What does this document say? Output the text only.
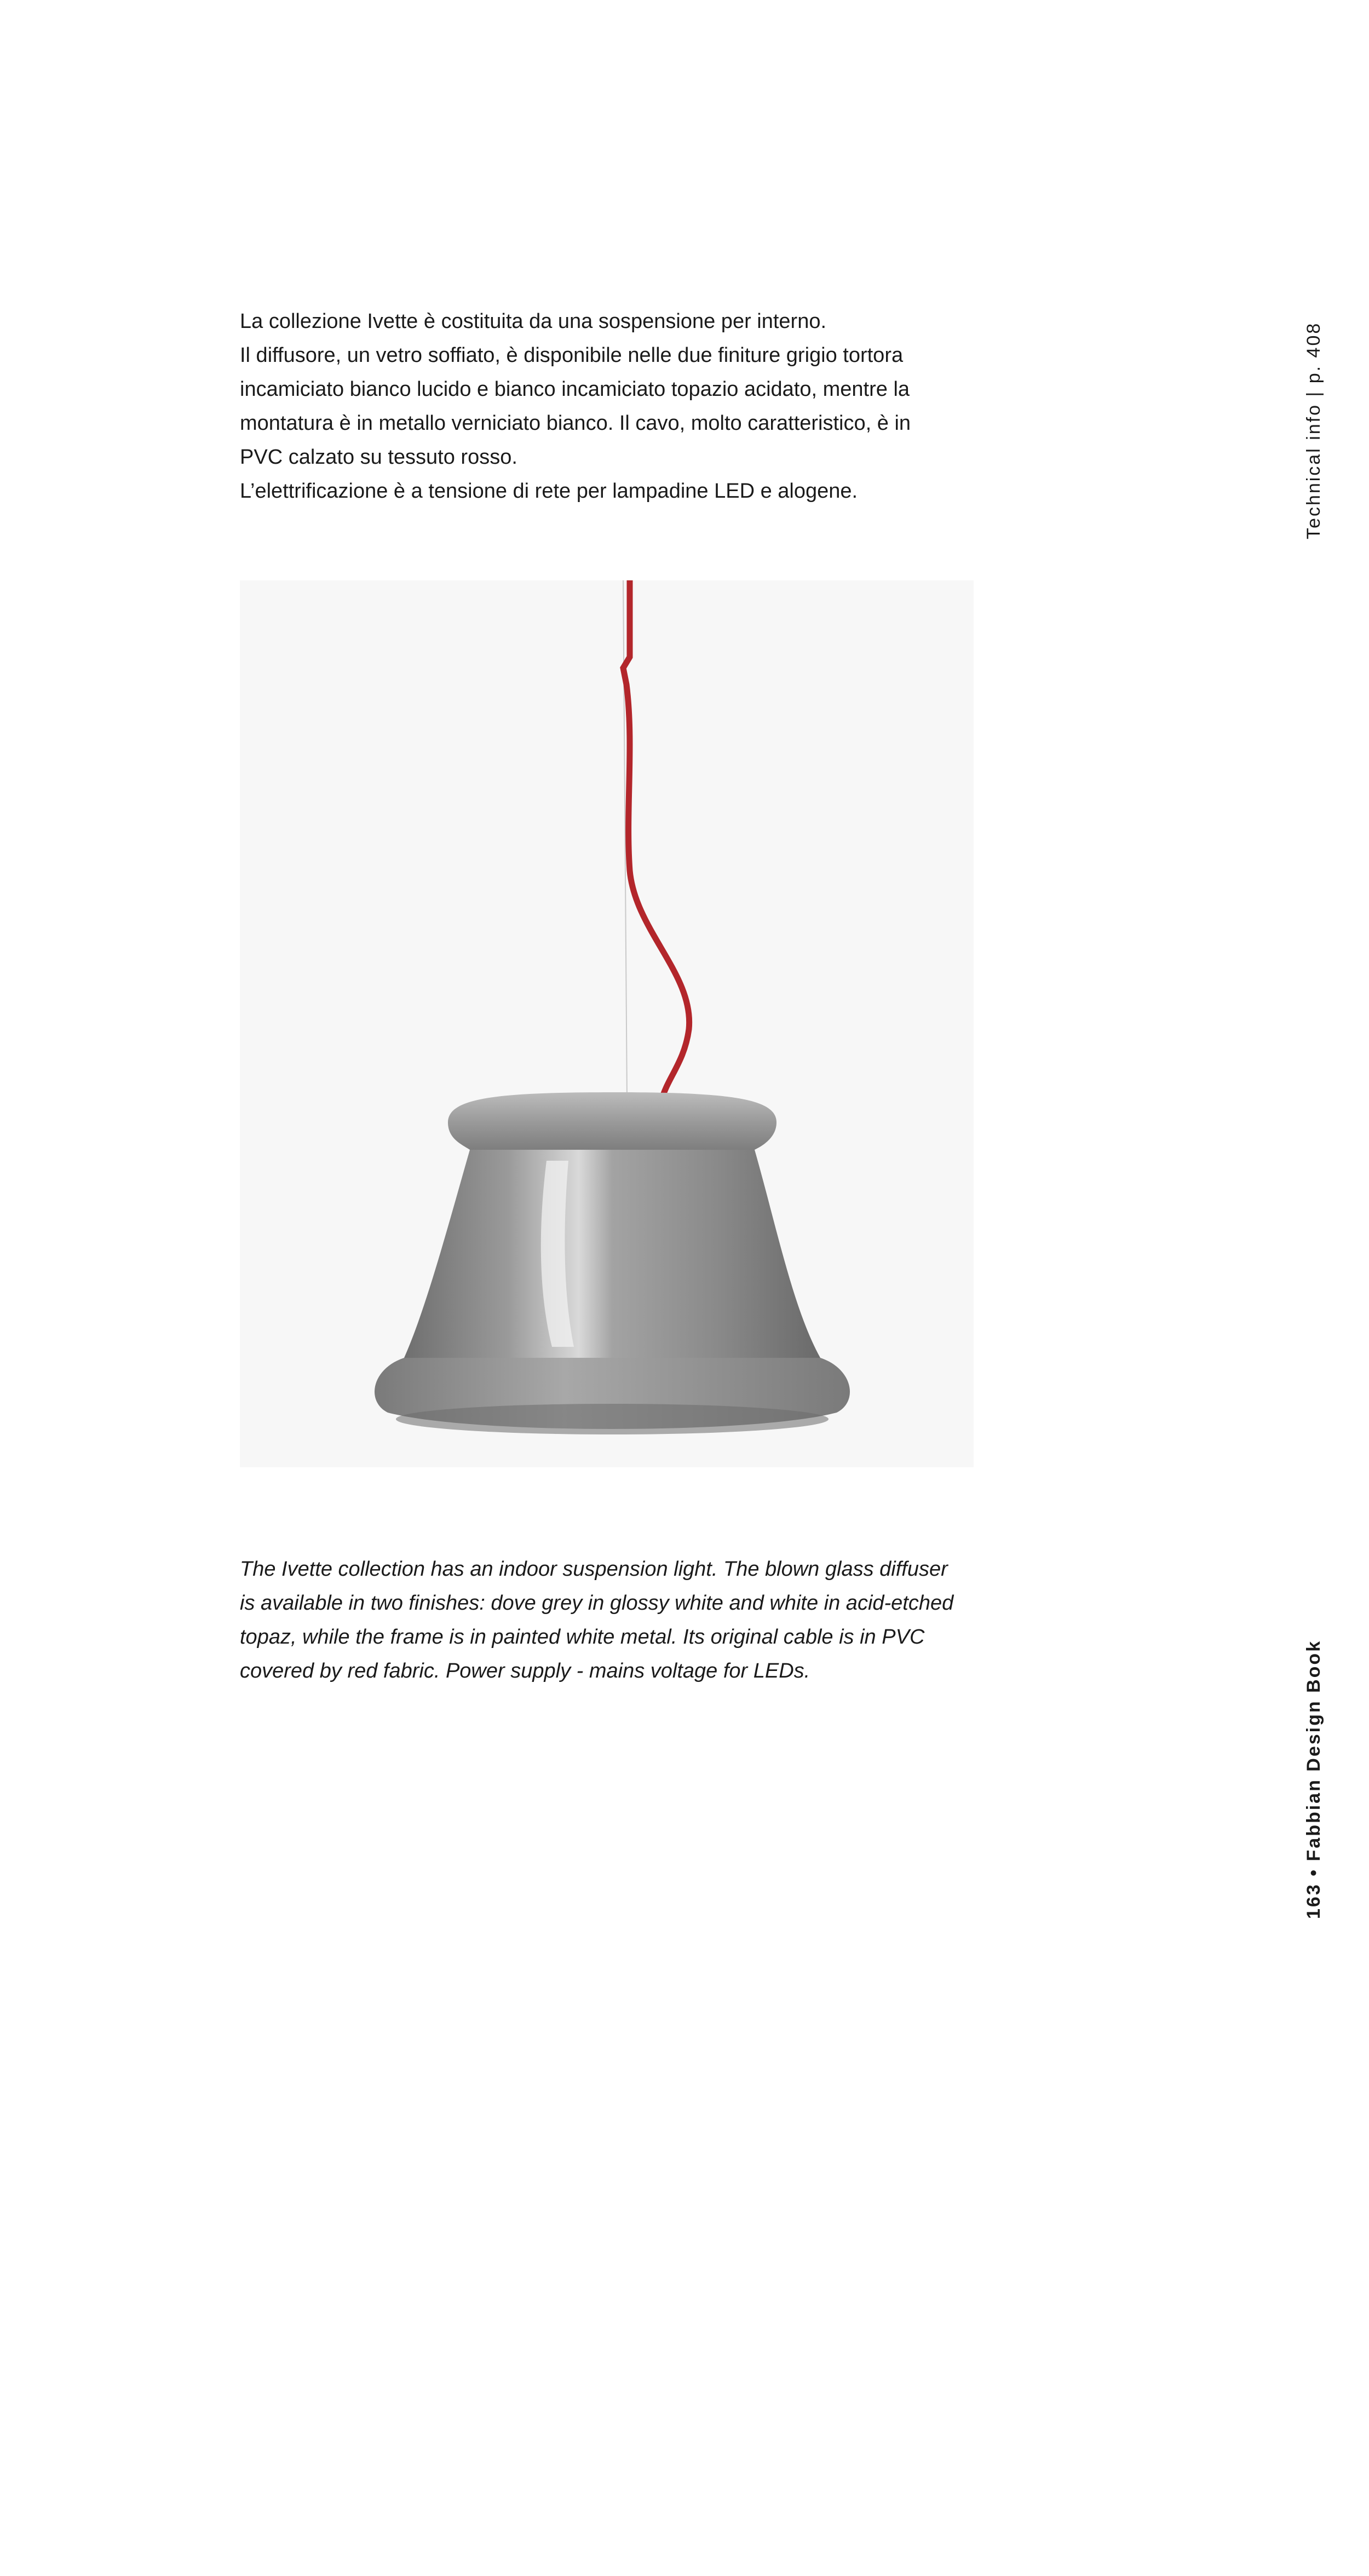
La collezione Ivette è costituita da una sospensione per interno.
Il diffusore, un vetro soffiato, è disponibile nelle due finiture grigio tortora
incamiciato bianco lucido e bianco incamiciato topazio acidato, mentre la
montatura è in metallo verniciato bianco. Il cavo, molto caratteristico, è in
PVC calzato su tessuto rosso.
L’elettrificazione è a tensione di rete per lampadine LED e alogene.
The Ivette collection has an indoor suspension light. The blown glass diffuser
is available in two finishes: dove grey in glossy white and white in acid-etched
topaz, while the frame is in painted white metal. Its original cable is in PVC
covered by red fabric. Power supply - mains voltage for LEDs.
Technical info | p. 408
163 • Fabbian Design Book
